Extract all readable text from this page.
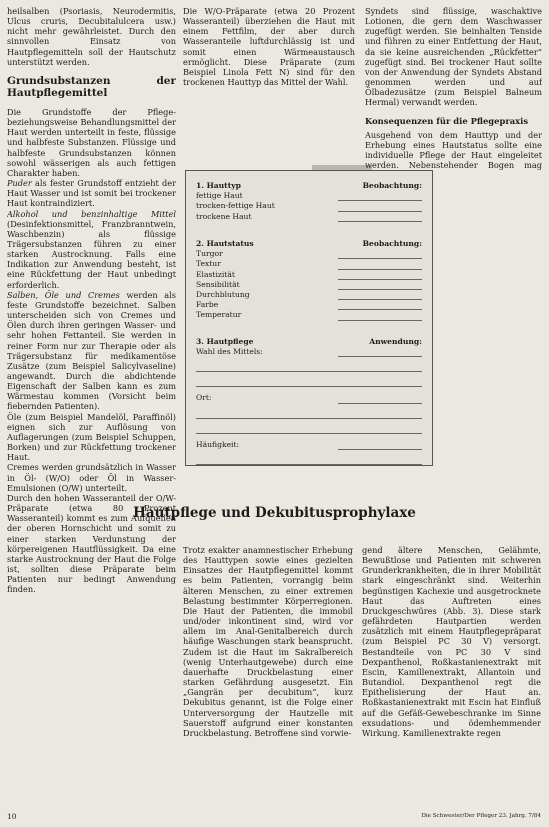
heilsalben (Psoriasis, Neurodermitis, Ulcus cruris, Decubitalulcera usw.) nicht mehr gewährleistet. Durch den sinnvollen Einsatz von Hautpflegemitteln soll der Hautschutz unterstützt werden.

Grundsubstanzen der Hautpflegemittel

Die Grundstoffe der Pflege- beziehungsweise Behandlungsmittel der Haut werden unterteilt in feste, flüssige und halbfeste Substanzen. Flüssige und halbfeste Grundsubstanzen können sowohl wässerigen als auch fettigen Charakter haben.

Puder als fester Grundstoff entzieht der Haut Wasser und ist somit bei trockener Haut kontraindiziert.

Alkohol und benzinhaltige Mittel (Desinfektionsmittel, Franzbranntwein, Waschbenzin) als flüssige Trägersubstanzen führen zu einer starken Austrocknung. Falls eine Indikation zur Anwendung besteht, ist eine Rückfettung der Haut unbedingt erforderlich.

Salben, Öle und Cremes werden als feste Grundstoffe bezeichnet. Salben unterscheiden sich von Cremes und Ölen durch ihren geringen Wasser- und sehr hohen Fettanteil. Sie werden in reiner Form nur zur Therapie oder als Trägersubstanz für medikamentöse Zusätze (zum Beispiel Salicylvaseline) angewandt. Durch die abdichtende Eigenschaft der Salben kann es zum Wärmestau kommen (Vorsicht beim fiebernden Patienten).

Öle (zum Beispiel Mandelöl, Paraffinöl) eignen sich zur Auflösung von Auflagerungen (zum Beispiel Schuppen, Borken) und zur Rückfettung trockener Haut.

Cremes werden grundsätzlich in Wasser in Öl- (W/O) oder Öl in Wasser-Emulsionen (O/W) unterteilt.

Durch den hohen Wasseranteil der O/W-Präparate (etwa 80 Prozent Wasseranteil) kommt es zum Aufquellen der oberen Hornschicht und somit zu einer starken Verdunstung der körpereigenen Hautflüssigkeit. Da eine starke Austrocknung der Haut die Folge ist, sollten diese Präparate beim Patienten nur bedingt Anwendung finden.

Die W/O-Präparate (etwa 20 Prozent Wasseranteil) überziehen die Haut mit einem Fettfilm, der aber durch Wasseranteile luftdurchlässig ist und somit einen Wärmeaustausch ermöglicht. Diese Präparate (zum Beispiel Linola Fett N) sind für den trockenen Hauttyp das Mittel der Wahl.

Syndets sind flüssige, waschaktive Lotionen, die gern dem Waschwasser zugefügt werden. Sie beinhalten Tenside und führen zu einer Entfettung der Haut, da sie keine ausreichenden „Rückfetter“ zugefügt sind. Bei trockener Haut sollte von der Anwendung der Syndets Abstand genommen werden und auf Ölbadezusätze (zum Beispiel Balneum Hermal) verwandt werden.

Konsequenzen für die Pflegepraxis

Ausgehend von dem Hauttyp und der Erhebung eines Hautstatus sollte eine individuelle Pflege der Haut eingeleitet werden. Nebenstehender Bogen mag

1. Hauttyp	Beobachtung:
fettige Haut
trocken-fettige Haut
trockene Haut
2. Hautstatus	Beobachtung:
Turgor
Textur
Elastizität
Sensibilität
Durchblutung
Farbe
Temperatur
3. Hautpflege	Anwendung:
Wahl des Mittels:
Ort:
Häufigkeit:
Hautpflege und Dekubitusprophylaxe

Trotz exakter anamnestischer Erhebung des Hauttypen sowie eines gezielten Einsatzes der Hautpflegemittel kommt es beim Patienten, vorrangig beim älteren Menschen, zu einer extremen Belastung bestimmter Körperregionen. Die Haut der Patienten, die immobil und/oder inkontinent sind, wird vor allem im Anal-Genitalbereich durch häufige Waschungen stark beansprucht. Zudem ist die Haut im Sakralbereich (wenig Unterhautgewebe) durch eine dauerhafte Druckbelastung einer starken Gefährdung ausgesetzt. Ein „Gangrän per decubitum“, kurz Dekubitus genannt, ist die Folge einer Unterversorgung der Hautzelle mit Sauerstoff aufgrund einer konstanten Druckbelastung. Betroffene sind vorwie-

gend ältere Menschen, Gelähmte, Bewußtlose und Patienten mit schweren Grunderkrankheiten, die in ihrer Mobilität stark eingeschränkt sind. Weiterhin begünstigen Kachexie und ausgetrocknete Haut das Auftreten eines Druckgeschwüres (Abb. 3). Diese stark gefährdeten Hautpartien werden zusätzlich mit einem Hautpflegepräparat (zum Beispiel PC 30 V) versorgt. Bestandteile von PC 30 V sind Dexpanthenol, Roßkastanienextrakt mit Escin, Kamillenextrakt, Allantoin und Butandiol. Dexpanthenol regt die Epithelisierung der Haut an. Roßkastanienextrakt mit Escin hat Einfluß auf die Gefäß-Gewebeschranke im Sinne exsudations- und ödemhemmender Wirkung. Kamillenextrakte regen

10	Die Schwester/Der Pfleger 23. Jahrg. 7/84
